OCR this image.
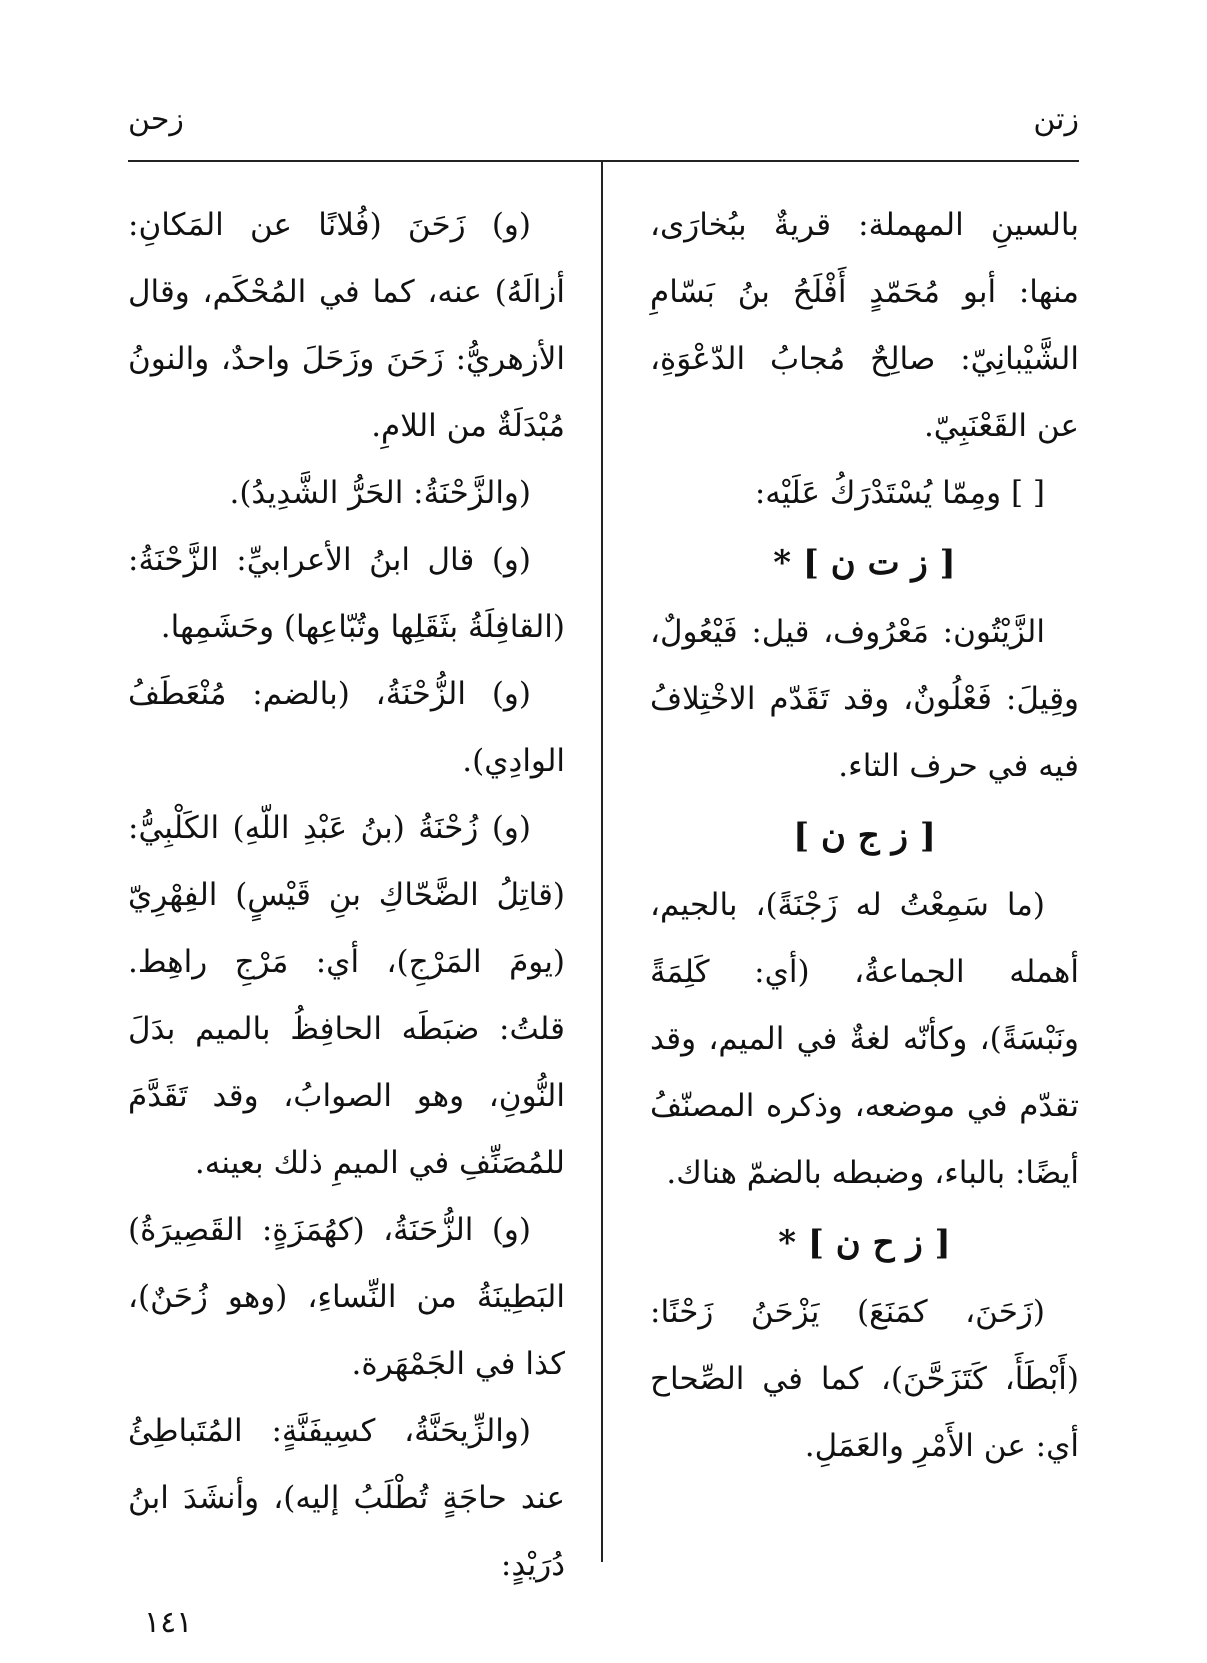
زتن
زحن

بالسينِ المهملة: قريةٌ ببُخارَى، منها: أبو مُحَمّدٍ أَفْلَحُ بنُ بَسّامِ الشَّيْبانِيّ: صالِحٌ مُجابُ الدّعْوَةِ، عن القَعْنَبِيّ.

[ ] ومِمّا يُسْتَدْرَكُ عَلَيْه:

[ ز ت ن ] *

الزَّيْتُون: مَعْرُوف، قيل: فَيْعُولٌ، وقِيلَ: فَعْلُونٌ، وقد تَقَدّم الاخْتِلافُ فيه في حرف التاء.

[ ز ج ن ]

(ما سَمِعْتُ له زَجْنَةً)، بالجيم، أهمله الجماعةُ، (أي: كَلِمَةً ونَبْسَةً)، وكأنّه لغةٌ في الميم، وقد تقدّم في موضعه، وذكره المصنّفُ أيضًا: بالباء، وضبطه بالضمّ هناك.

[ ز ح ن ] *

(زَحَنَ، كمَنَعَ) يَزْحَنُ زَحْنًا: (أَبْطَأَ، كَتَزَحَّنَ)، كما في الصِّحاح أي: عن الأَمْرِ والعَمَلِ.

(و) زَحَنَ (فُلانًا عن المَكانِ: أزالَهُ) عنه، كما في المُحْكَم، وقال الأزهريُّ: زَحَنَ وزَحَلَ واحدٌ، والنونُ مُبْدَلَةٌ من اللامِ.

(والزَّحْنَةُ: الحَرُّ الشَّدِيدُ).

(و) قال ابنُ الأعرابيِّ: الزَّحْنَةُ: (القافِلَةُ بثَقَلِها وتُبّاعِها) وحَشَمِها.

(و) الزُّحْنَةُ، (بالضم: مُنْعَطَفُ الوادِي).

(و) زُحْنَةُ (بنُ عَبْدِ اللّهِ) الكَلْبِيُّ: (قاتِلُ الضَّحّاكِ بنِ قَيْسٍ) الفِهْرِيّ (يومَ المَرْجِ)، أي: مَرْجِ راهِط. قلتُ: ضبَطَه الحافِظُ بالميم بدَلَ النُّونِ، وهو الصوابُ، وقد تَقَدَّمَ للمُصَنِّفِ في الميمِ ذلك بعينه.

(و) الزُّحَنَةُ، (كهُمَزَةٍ: القَصِيرَةُ) البَطِينَةُ من النِّساءِ، (وهو زُحَنٌ)، كذا في الجَمْهَرة.

(والزِّيحَنَّةُ، كسِيفَنَّةٍ: المُتَباطِئُ عند حاجَةٍ تُطْلَبُ إليه)، وأنشَدَ ابنُ دُرَيْدٍ:

١٤١
